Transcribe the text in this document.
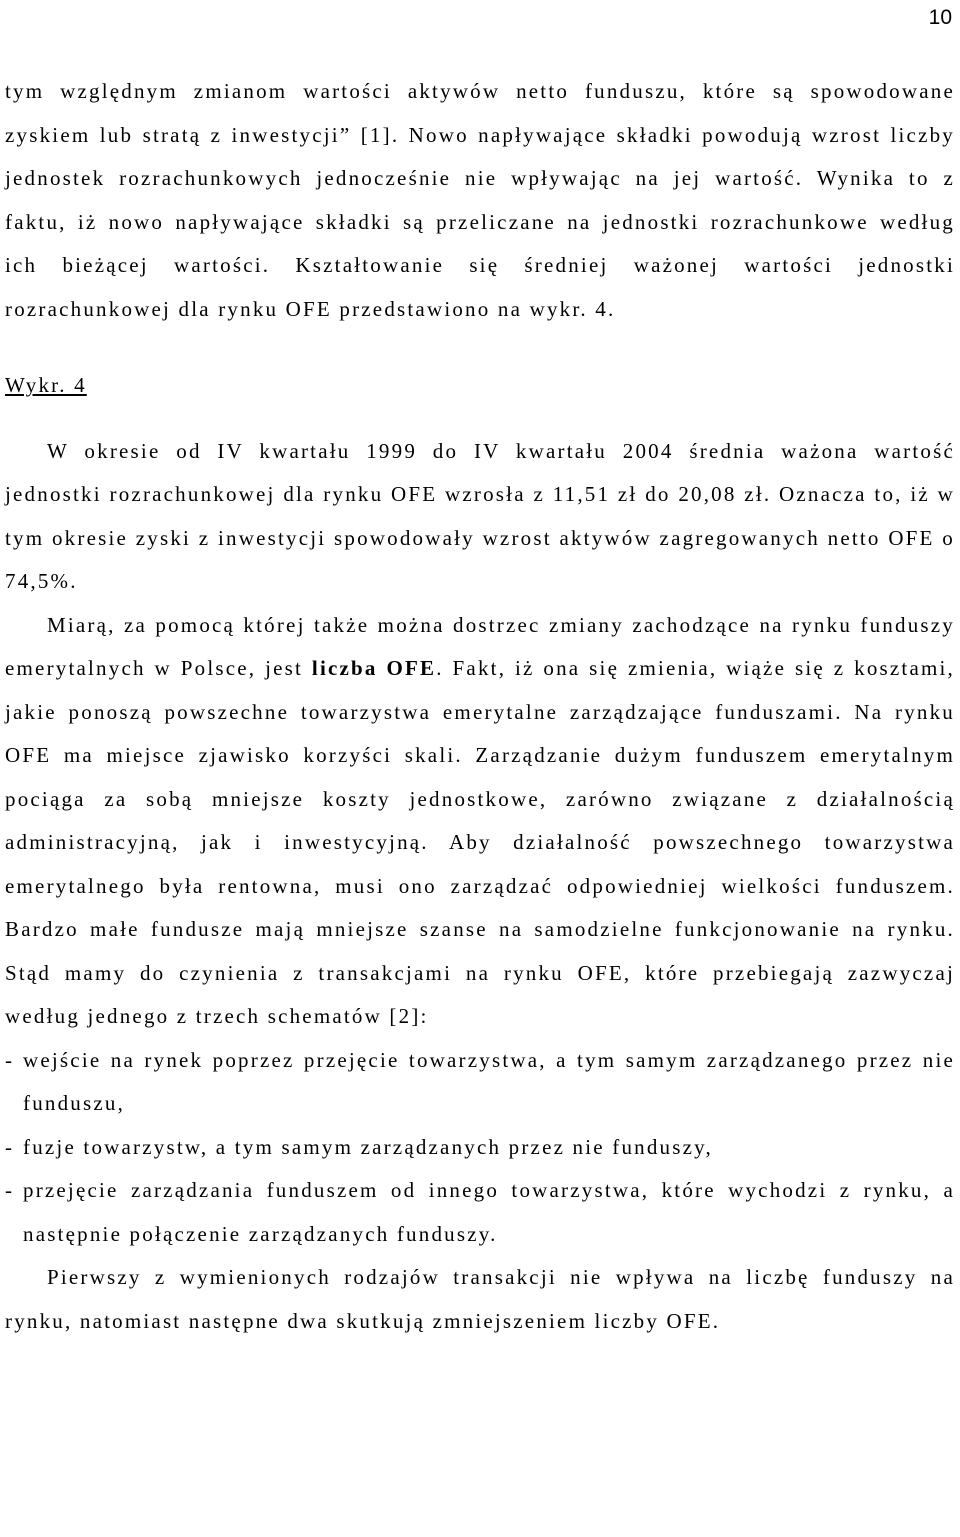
10

tym względnym zmianom wartości aktywów netto funduszu, które są spowodowane zyskiem lub stratą z inwestycji” [1]. Nowo napływające składki powodują wzrost liczby jednostek rozrachunkowych jednocześnie nie wpływając na jej wartość. Wynika to z faktu, iż nowo napływające składki są przeliczane na jednostki rozrachunkowe według ich bieżącej wartości. Kształtowanie się średniej ważonej wartości jednostki rozrachunkowej dla rynku OFE przedstawiono na wykr. 4.

Wykr. 4

W okresie od IV kwartału 1999 do IV kwartału 2004 średnia ważona wartość jednostki rozrachunkowej dla rynku OFE wzrosła z 11,51 zł do 20,08 zł. Oznacza to, iż w tym okresie zyski z inwestycji spowodowały wzrost aktywów zagregowanych netto OFE o 74,5%.

Miarą, za pomocą której także można dostrzec zmiany zachodzące na rynku funduszy emerytalnych w Polsce, jest liczba OFE. Fakt, iż ona się zmienia, wiąże się z kosztami, jakie ponoszą powszechne towarzystwa emerytalne zarządzające funduszami. Na rynku OFE ma miejsce zjawisko korzyści skali. Zarządzanie dużym funduszem emerytalnym pociąga za sobą mniejsze koszty jednostkowe, zarówno związane z działalnością administracyjną, jak i inwestycyjną. Aby działalność powszechnego towarzystwa emerytalnego była rentowna, musi ono zarządzać odpowiedniej wielkości funduszem. Bardzo małe fundusze mają mniejsze szanse na samodzielne funkcjonowanie na rynku. Stąd mamy do czynienia z transakcjami na rynku OFE, które przebiegają zazwyczaj według jednego z trzech schematów [2]:

- wejście na rynek poprzez przejęcie towarzystwa, a tym samym zarządzanego przez nie funduszu,
- fuzje towarzystw, a tym samym zarządzanych przez nie funduszy,
- przejęcie zarządzania funduszem od innego towarzystwa, które wychodzi z rynku, a następnie połączenie zarządzanych funduszy.

Pierwszy z wymienionych rodzajów transakcji nie wpływa na liczbę funduszy na rynku, natomiast następne dwa skutkują zmniejszeniem liczby OFE.
